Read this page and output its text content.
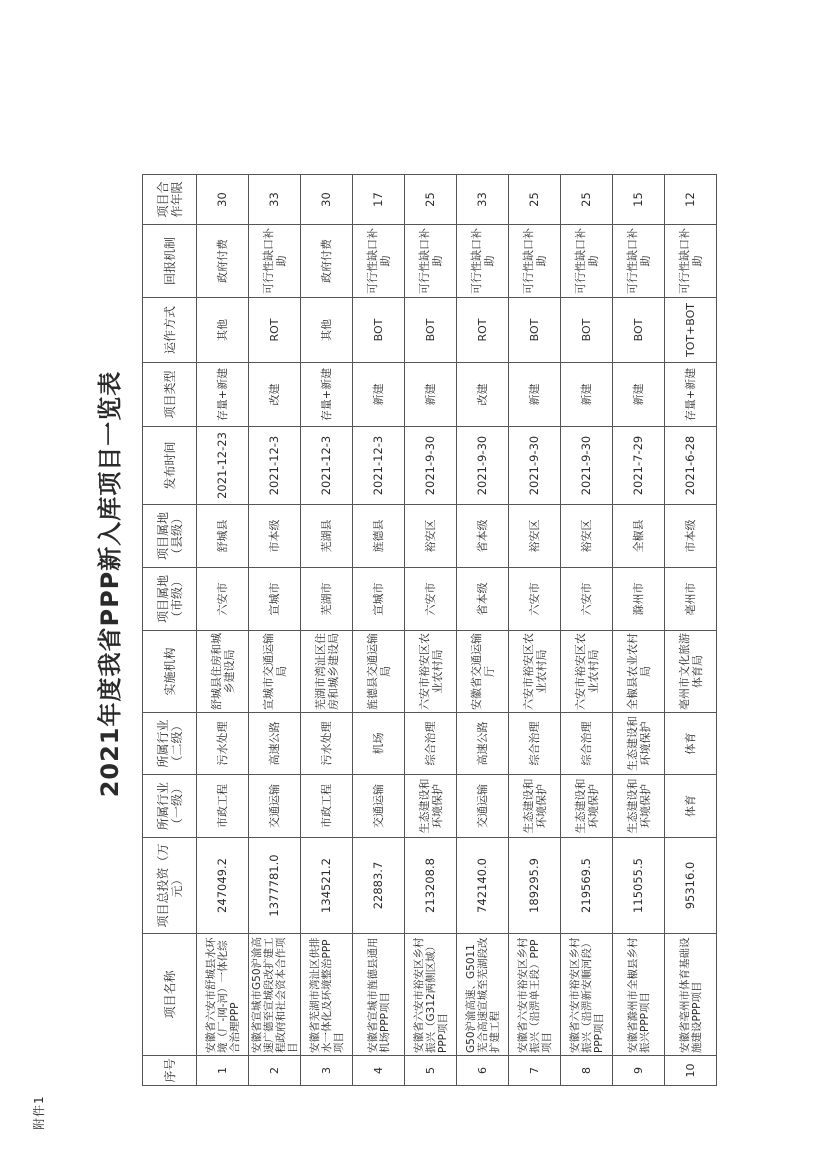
附件1
2021年度我省PPP新入库项目一览表
序号	项目名称	项目总投资（万元）	所属行业（一级）	所属行业（二级）	实施机构	项目属地（市级）	项目属地（县级）	发布时间	项目类型	运作方式	回报机制	项目合作年限
1	安徽省六安市舒城县水环境（厂-网-河）一体化综合治理PPP	247049.2	市政工程	污水处理	舒城县住房和城乡建设局	六安市	舒城县	2021-12-23	存量+新建	其他	政府付费	30
2	安徽省宣城市G50沪渝高速广德至宣城段改扩建工程政府和社会资本合作项目	1377781.0	交通运输	高速公路	宣城市交通运输局	宣城市	市本级	2021-12-3	改建	ROT	可行性缺口补助	33
3	安徽省芜湖市湾沚区供排水一体化及环境整治PPP项目	134521.2	市政工程	污水处理	芜湖市湾沚区住房和城乡建设局	芜湖市	芜湖县	2021-12-3	存量+新建	其他	政府付费	30
4	安徽省宣城市旌德县通用机场PPP项目	22883.7	交通运输	机场	旌德县交通运输局	宣城市	旌德县	2021-12-3	新建	BOT	可行性缺口补助	17
5	安徽省六安市裕安区乡村振兴（G312两侧区域）PPP项目	213208.8	生态建设和环境保护	综合治理	六安市裕安区农业农村局	六安市	裕安区	2021-9-30	新建	BOT	可行性缺口补助	25
6	G50沪渝高速、G5011芜合高速宣城至芜湖段改扩建工程	742140.0	交通运输	高速公路	安徽省交通运输厅	省本级	省本级	2021-9-30	改建	ROT	可行性缺口补助	33
7	安徽省六安市裕安区乡村振兴（沿淠单王段）PPP项目	189295.9	生态建设和环境保护	综合治理	六安市裕安区农业农村局	六安市	裕安区	2021-9-30	新建	BOT	可行性缺口补助	25
8	安徽省六安市裕安区乡村振兴（沿淠新安顺河段）PPP项目	219569.5	生态建设和环境保护	综合治理	六安市裕安区农业农村局	六安市	裕安区	2021-9-30	新建	BOT	可行性缺口补助	25
9	安徽省滁州市全椒县乡村振兴PPP项目	115055.5	生态建设和环境保护	生态建设和环境保护	全椒县农业农村局	滁州市	全椒县	2021-7-29	新建	BOT	可行性缺口补助	15
10	安徽省亳州市体育基础设施建设PPP项目	95316.0	体育	体育	亳州市文化旅游体育局	亳州市	市本级	2021-6-28	存量+新建	TOT+BOT	可行性缺口补助	12
